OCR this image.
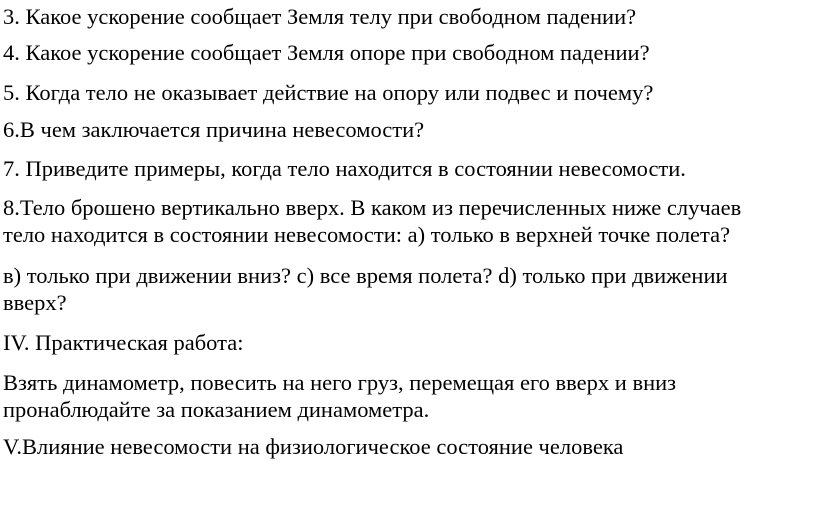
3. Какое ускорение сообщает Земля телу при свободном падении?

4. Какое ускорение сообщает Земля опоре при свободном падении?

5. Когда тело не оказывает действие на опору или подвес и почему?

6.В чем заключается причина невесомости?

7. Приведите примеры, когда тело находится в состоянии невесомости.

8.Тело брошено вертикально вверх. В каком из перечисленных ниже случаев
тело находится в состоянии невесомости: а) только в верхней точке полета?

в) только при движении вниз? с) все время полета? d) только при движении
вверх?

IV. Практическая работа:

Взять динамометр, повесить на него груз, перемещая его вверх и вниз
пронаблюдайте за показанием динамометра.

V.Влияние невесомости на физиологическое состояние человека
